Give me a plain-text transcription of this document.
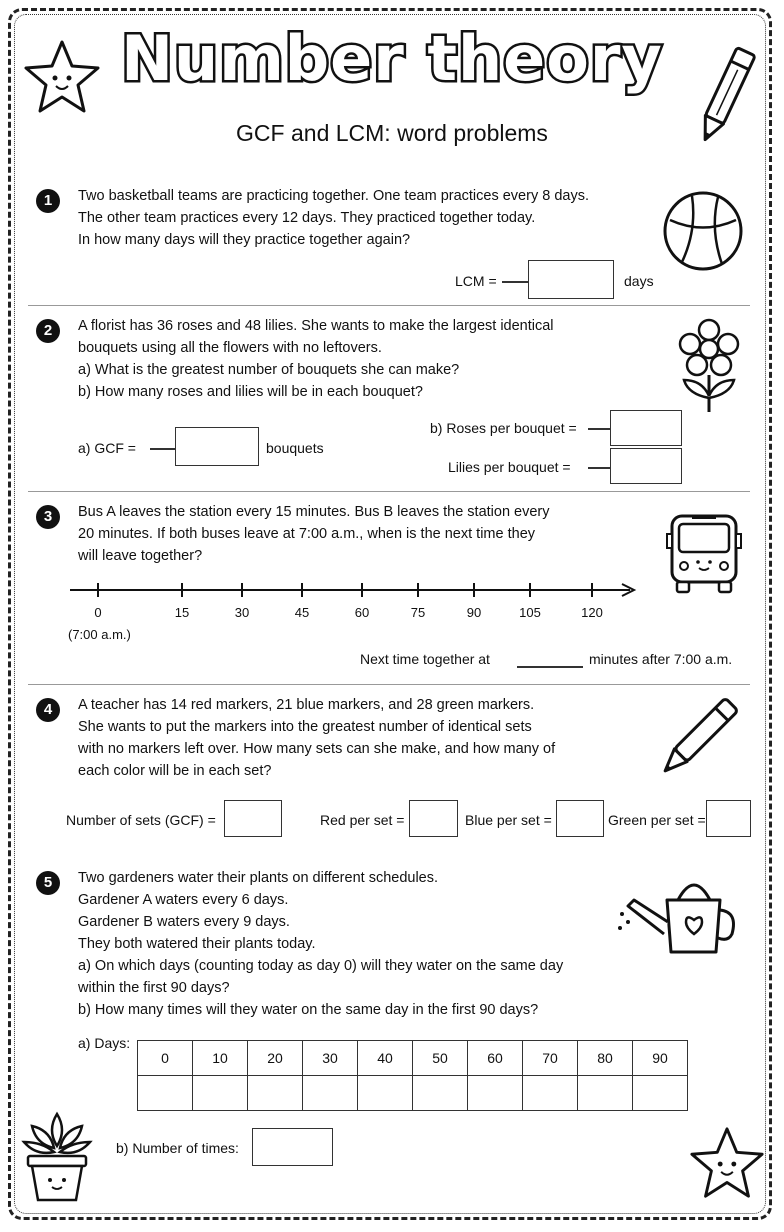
Number theory
GCF and LCM: word problems
1	Two basketball teams are practicing together. One team practices every 8 days.
The other team practices every 12 days. They practiced together today.
In how many days will they practice together again?
LCM =	days
2	A florist has 36 roses and 48 lilies. She wants to make the largest identical
bouquets using all the flowers with no leftovers.
a) What is the greatest number of bouquets she can make?
b) How many roses and lilies will be in each bouquet?
a) GCF =	bouquets
b) Roses per bouquet =
Lilies per bouquet =
3	Bus A leaves the station every 15 minutes. Bus B leaves the station every
20 minutes. If both buses leave at 7:00 a.m., when is the next time they
will leave together?
0	15	30	45	60	75	90	105	120
(7:00 a.m.)
Next time together at	minutes after 7:00 a.m.
4	A teacher has 14 red markers, 21 blue markers, and 28 green markers.
She wants to put the markers into the greatest number of identical sets
with no markers left over. How many sets can she make, and how many of
each color will be in each set?
Number of sets (GCF) =	Red per set =	Blue per set =	Green per set =
5	Two gardeners water their plants on different schedules.
Gardener A waters every 6 days.
Gardener B waters every 9 days.
They both watered their plants today.
a) On which days (counting today as day 0) will they water on the same day
within the first 90 days?
b) How many times will they water on the same day in the first 90 days?
a) Days:
0	10	20	30	40	50	60	70	80	90

b) Number of times:
